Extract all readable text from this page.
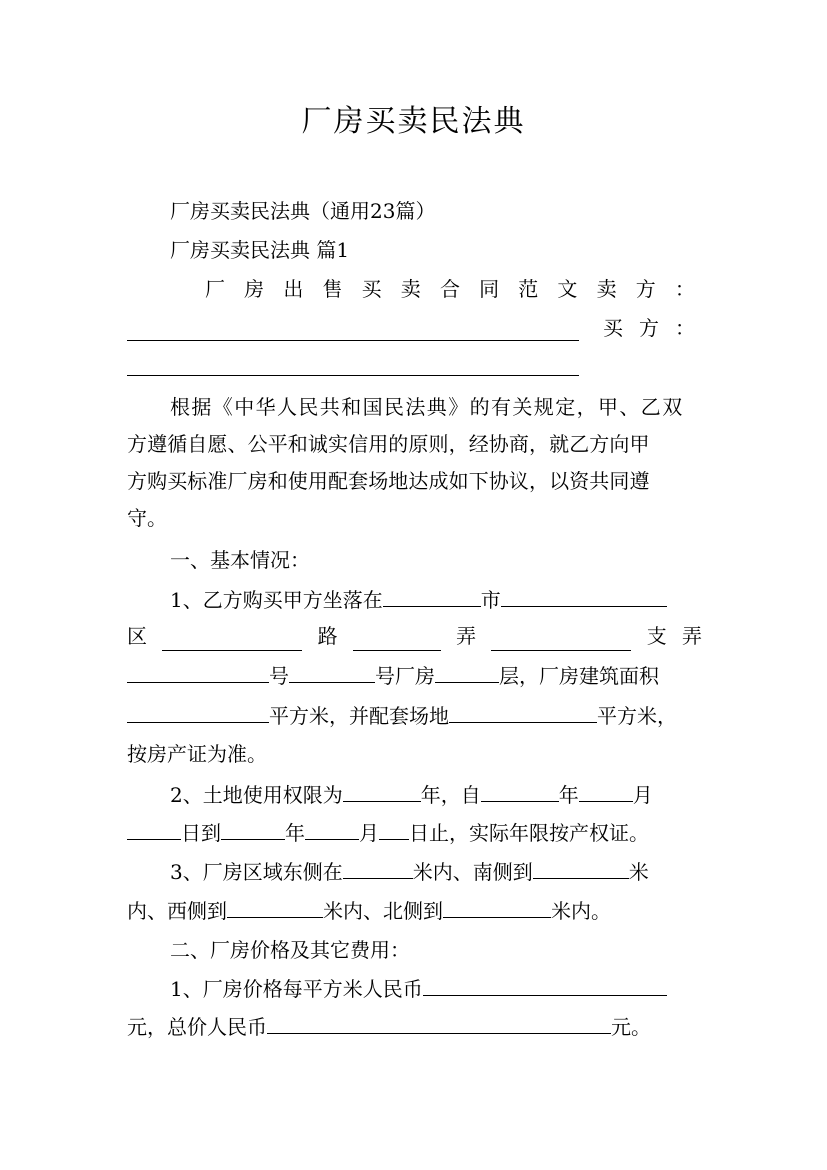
厂房买卖民法典
厂房买卖民法典（通用23篇）
厂房买卖民法典 篇1
厂 房 出 售 买 卖 合 同 范 文 卖 方 ：
买 方 ：
根据《中华人民共和国民法典》的有关规定，甲、乙双
方遵循自愿、公平和诚实信用的原则，经协商，就乙方向甲
方购买标准厂房和使用配套场地达成如下协议，以资共同遵
守。
一、基本情况：
1、乙方购买甲方坐落在	市
区	路	弄	支 弄
号	号厂房	层，厂房建筑面积
平方米，并配套场地	平方米，
按房产证为准。
2、土地使用权限为	年，自	年	月
日到	年	月 日止，实际年限按产权证。
3、厂房区域东侧在	米内、南侧到	米
内、西侧到	米内、北侧到	米内。
二、厂房价格及其它费用：
1、厂房价格每平方米人民币
元，总价人民币	元。
